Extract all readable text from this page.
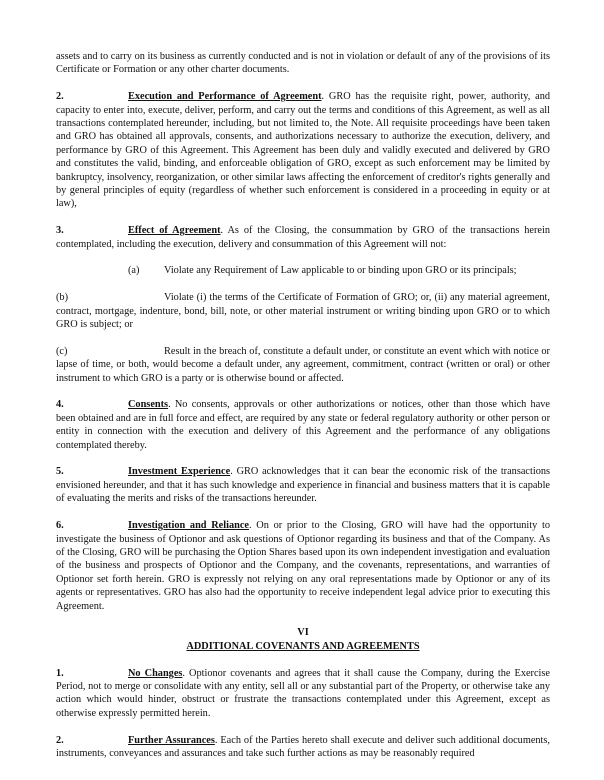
assets and to carry on its business as currently conducted and is not in violation or default of any of the provisions of its Certificate or Formation or any other charter documents.

2.	Execution and Performance of Agreement. GRO has the requisite right, power, authority, and capacity to enter into, execute, deliver, perform, and carry out the terms and conditions of this Agreement, as well as all transactions contemplated hereunder, including, but not limited to, the Note. All requisite proceedings have been taken and GRO has obtained all approvals, consents, and authorizations necessary to authorize the execution, delivery, and performance by GRO of this Agreement. This Agreement has been duly and validly executed and delivered by GRO and constitutes the valid, binding, and enforceable obligation of GRO, except as such enforcement may be limited by bankruptcy, insolvency, reorganization, or other similar laws affecting the enforcement of creditor's rights generally and by general principles of equity (regardless of whether such enforcement is considered in a proceeding in equity or at law),

3.	Effect of Agreement. As of the Closing, the consummation by GRO of the transactions herein contemplated, including the execution, delivery and consummation of this Agreement will not:

(a) Violate any Requirement of Law applicable to or binding upon GRO or its principals;

(b)	Violate (i) the terms of the Certificate of Formation of GRO; or, (ii) any material agreement, contract, mortgage, indenture, bond, bill, note, or other material instrument or writing binding upon GRO or to which GRO is subject; or

(c)	Result in the breach of, constitute a default under, or constitute an event which with notice or lapse of time, or both, would become a default under, any agreement, commitment, contract (written or oral) or other instrument to which GRO is a party or is otherwise bound or affected.

4.	Consents. No consents, approvals or other authorizations or notices, other than those which have been obtained and are in full force and effect, are required by any state or federal regulatory authority or other person or entity in connection with the execution and delivery of this Agreement and the performance of any obligations contemplated thereby.

5.	Investment Experience. GRO acknowledges that it can bear the economic risk of the transactions envisioned hereunder, and that it has such knowledge and experience in financial and business matters that it is capable of evaluating the merits and risks of the transactions hereunder.

6.	Investigation and Reliance. On or prior to the Closing, GRO will have had the opportunity to investigate the business of Optionor and ask questions of Optionor regarding its business and that of the Company. As of the Closing, GRO will be purchasing the Option Shares based upon its own independent investigation and evaluation of the business and prospects of Optionor and the Company, and the covenants, representations, and warranties of Optionor set forth herein. GRO is expressly not relying on any oral representations made by Optionor or any of its agents or representatives. GRO has also had the opportunity to receive independent legal advice prior to executing this Agreement.

VI

ADDITIONAL COVENANTS AND AGREEMENTS

1.	No Changes. Optionor covenants and agrees that it shall cause the Company, during the Exercise Period, not to merge or consolidate with any entity, sell all or any substantial part of the Property, or otherwise take any action which would hinder, obstruct or frustrate the transactions contemplated under this Agreement, except as otherwise expressly permitted herein.

2.	Further Assurances. Each of the Parties hereto shall execute and deliver such additional documents, instruments, conveyances and assurances and take such further actions as may be reasonably required
